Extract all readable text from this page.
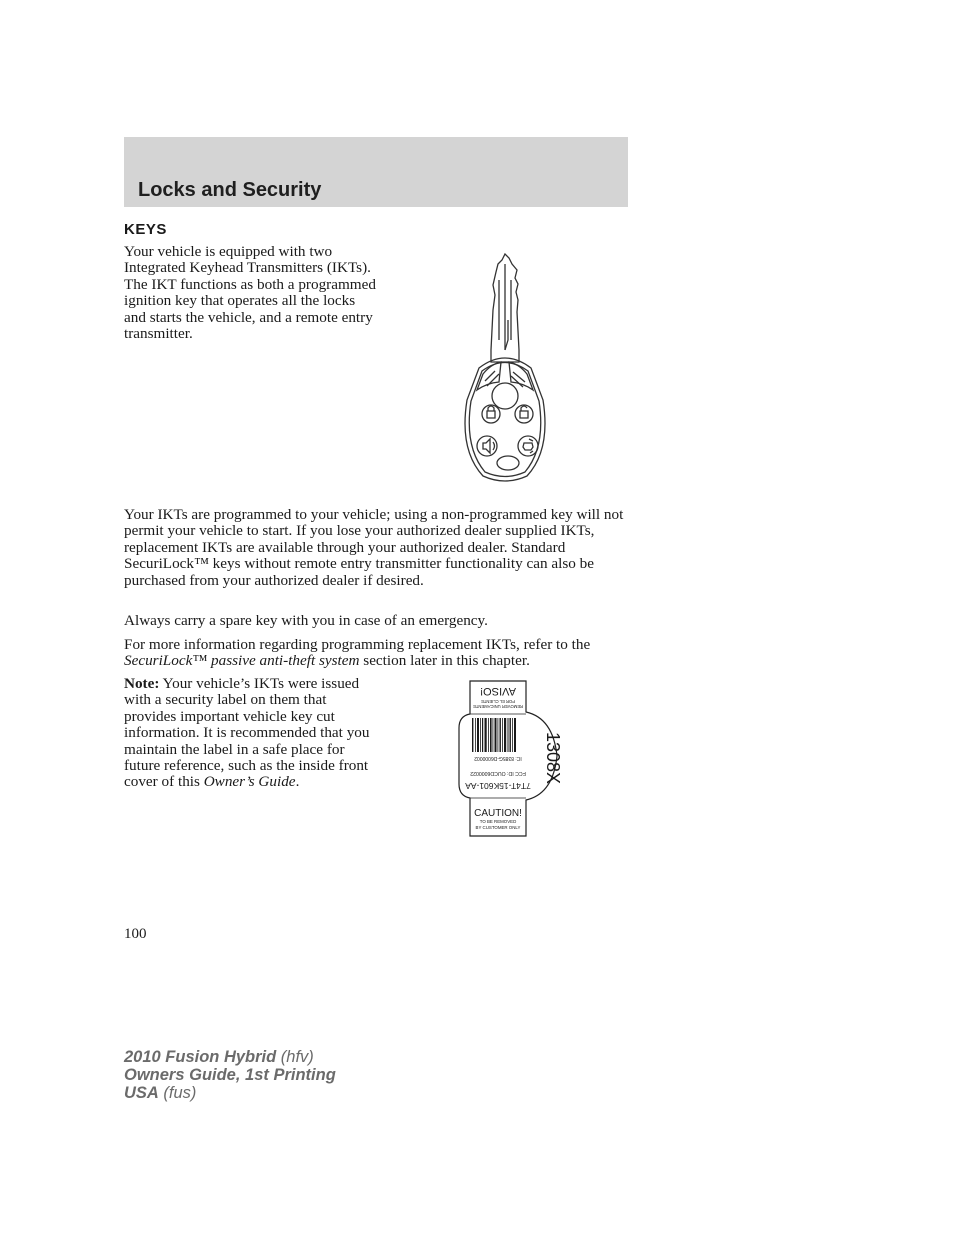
Locks and Security
KEYS

Your vehicle is equipped with two Integrated Keyhead Transmitters (IKTs). The IKT functions as both a programmed ignition key that operates all the locks and starts the vehicle, and a remote entry transmitter.

Your IKTs are programmed to your vehicle; using a non-programmed key will not permit your vehicle to start. If you lose your authorized dealer supplied IKTs, replacement IKTs are available through your authorized dealer. Standard SecuriLock™ keys without remote entry transmitter functionality can also be purchased from your authorized dealer if desired.

Always carry a spare key with you in case of an emergency.

For more information regarding programming replacement IKTs, refer to the SecuriLock™ passive anti-theft system section later in this chapter.

Note: Your vehicle’s IKTs were issued with a security label on them that provides important vehicle key cut information. It is recommended that you maintain the label in a safe place for future reference, such as the inside front cover of this Owner’s Guide.

REMOVER UNICAMENTE
POR EL CLIENTE
AVISO!
IC: 8385G-D6000002
FCC ID: OUCD6000022
7T4T-15K601-AA
1308X
CAUTION!
TO BE REMOVED
BY CUSTOMER ONLY

100

2010 Fusion Hybrid (hfv)
Owners Guide, 1st Printing
USA (fus)
